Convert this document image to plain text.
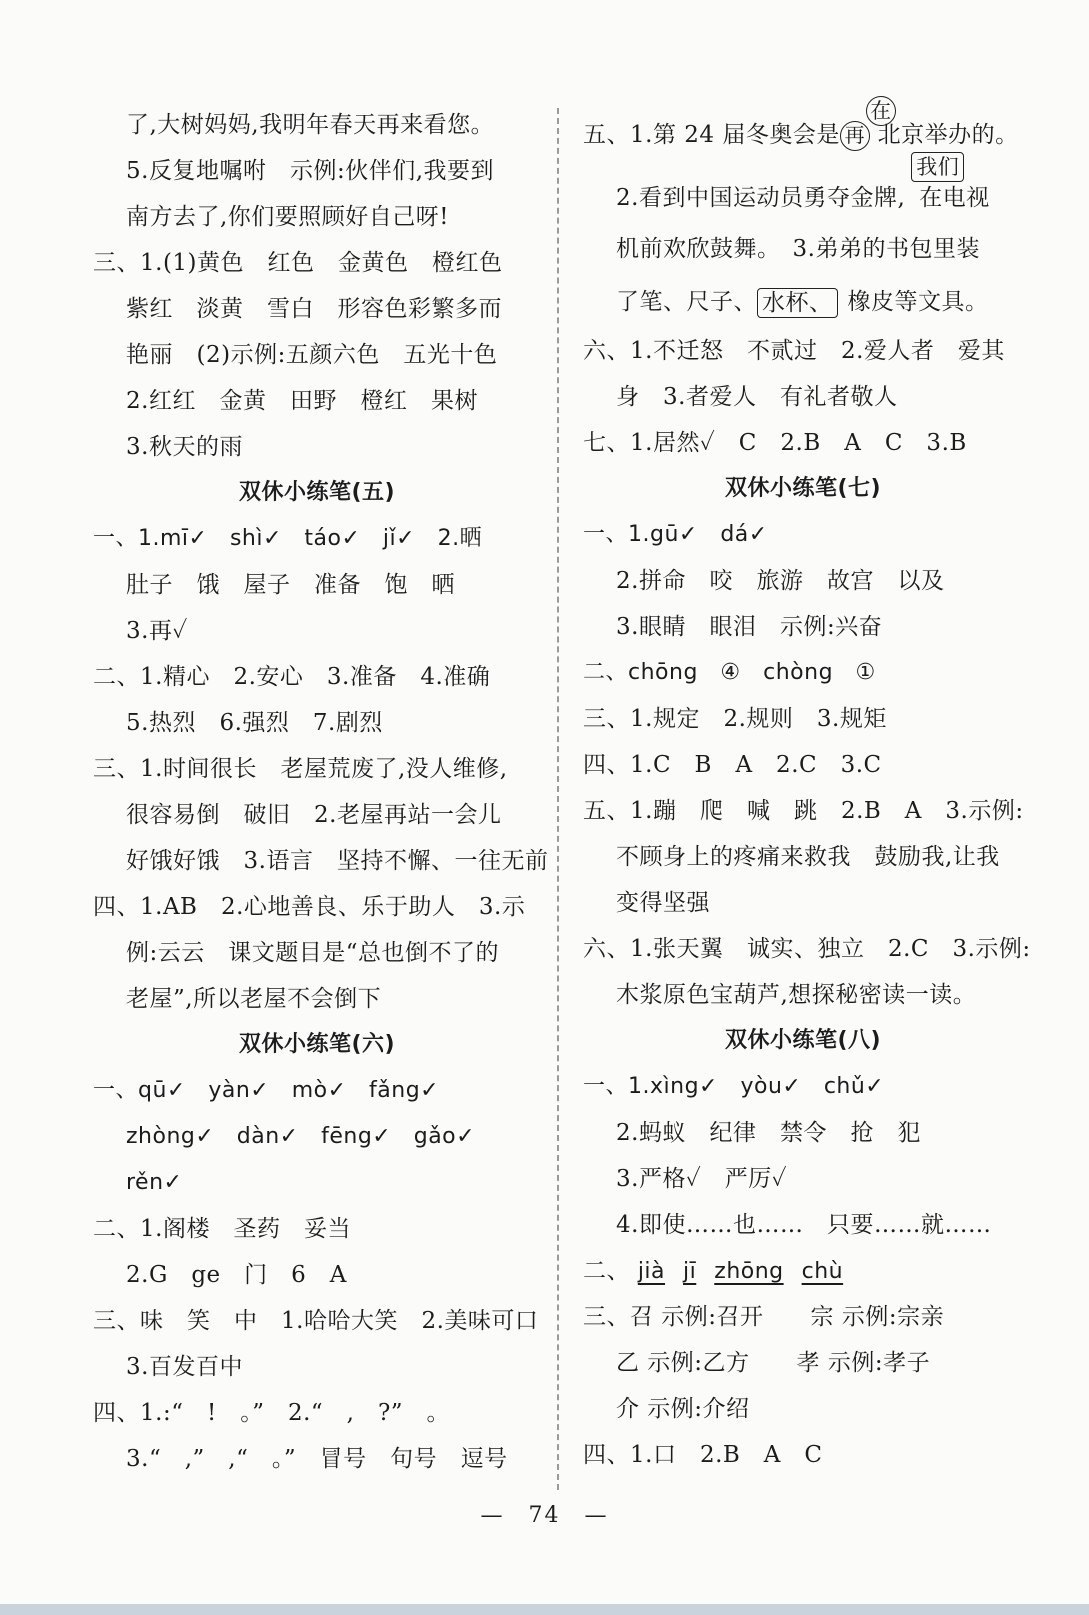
了,大树妈妈,我明年春天再来看您。
5.反复地嘱咐　示例:伙伴们,我要到
南方去了,你们要照顾好自己呀!
三、1.(1)黄色　红色　金黄色　橙红色
紫红　淡黄　雪白　形容色彩繁多而
艳丽　(2)示例:五颜六色　五光十色
2.红红　金黄　田野　橙红　果树
3.秋天的雨
双休小练笔(五)
一、1.mī✓　shì✓　táo✓　jǐ✓　2.晒
肚子　饿　屋子　准备　饱　晒
3.再✓
二、1.精心　2.安心　3.准备　4.准确
5.热烈　6.强烈　7.剧烈
三、1.时间很长　老屋荒废了,没人维修,
很容易倒　破旧　2.老屋再站一会儿
好饿好饿　3.语言　坚持不懈、一往无前
四、1.AB　2.心地善良、乐于助人　3.示
例:云云　课文题目是“总也倒不了的
老屋”,所以老屋不会倒下
双休小练笔(六)
一、qū✓　yàn✓　mò✓　fǎng✓
zhòng✓　dàn✓　fēng✓　gǎo✓
rěn✓
二、1.阁楼　圣药　妥当
2.G　ge　门　6　A
三、味　笑　中　1.哈哈大笑　2.美味可口
3.百发百中
四、1.:“　!　。”　2.“　,　?”　。
3.“　,”　,“　。”　冒号　句号　逗号
五、1.第 24 届冬奥会是 再
在
北京举办的。
2.看到中国运动员勇夺金牌,
我们
在电视
机前欢欣鼓舞。　3.弟弟的书包里装
了笔、尺子、 水杯、 橡皮等文具。
六、1.不迁怒　不贰过　2.爱人者　爱其
身　3.者爱人　有礼者敬人
七、1.居然✓　C　2.B　A　C　3.B
双休小练笔(七)
一、1.gū✓　dá✓
2.拼命　咬　旅游　故宫　以及
3.眼睛　眼泪　示例:兴奋
二、chōng　④　chòng　①
三、1.规定　2.规则　3.规矩
四、1.C　B　A　2.C　3.C
五、1.蹦　爬　喊　跳　2.B　A　3.示例:
不顾身上的疼痛来救我　鼓励我,让我
变得坚强
六、1.张天翼　诚实、独立　2.C　3.示例:
木浆原色宝葫芦,想探秘密读一读。
双休小练笔(八)
一、1.xìng✓　yòu✓　chǔ✓
2.蚂蚁　纪律　禁令　抢　犯
3.严格✓　严厉✓
4.即使……也……　只要……就……
二、 jià jī zhōng chù
三、召 示例:召开　　宗 示例:宗亲
乙 示例:乙方　　孝 示例:孝子
介 示例:介绍
四、1.口　2.B　A　C
—　74　—
